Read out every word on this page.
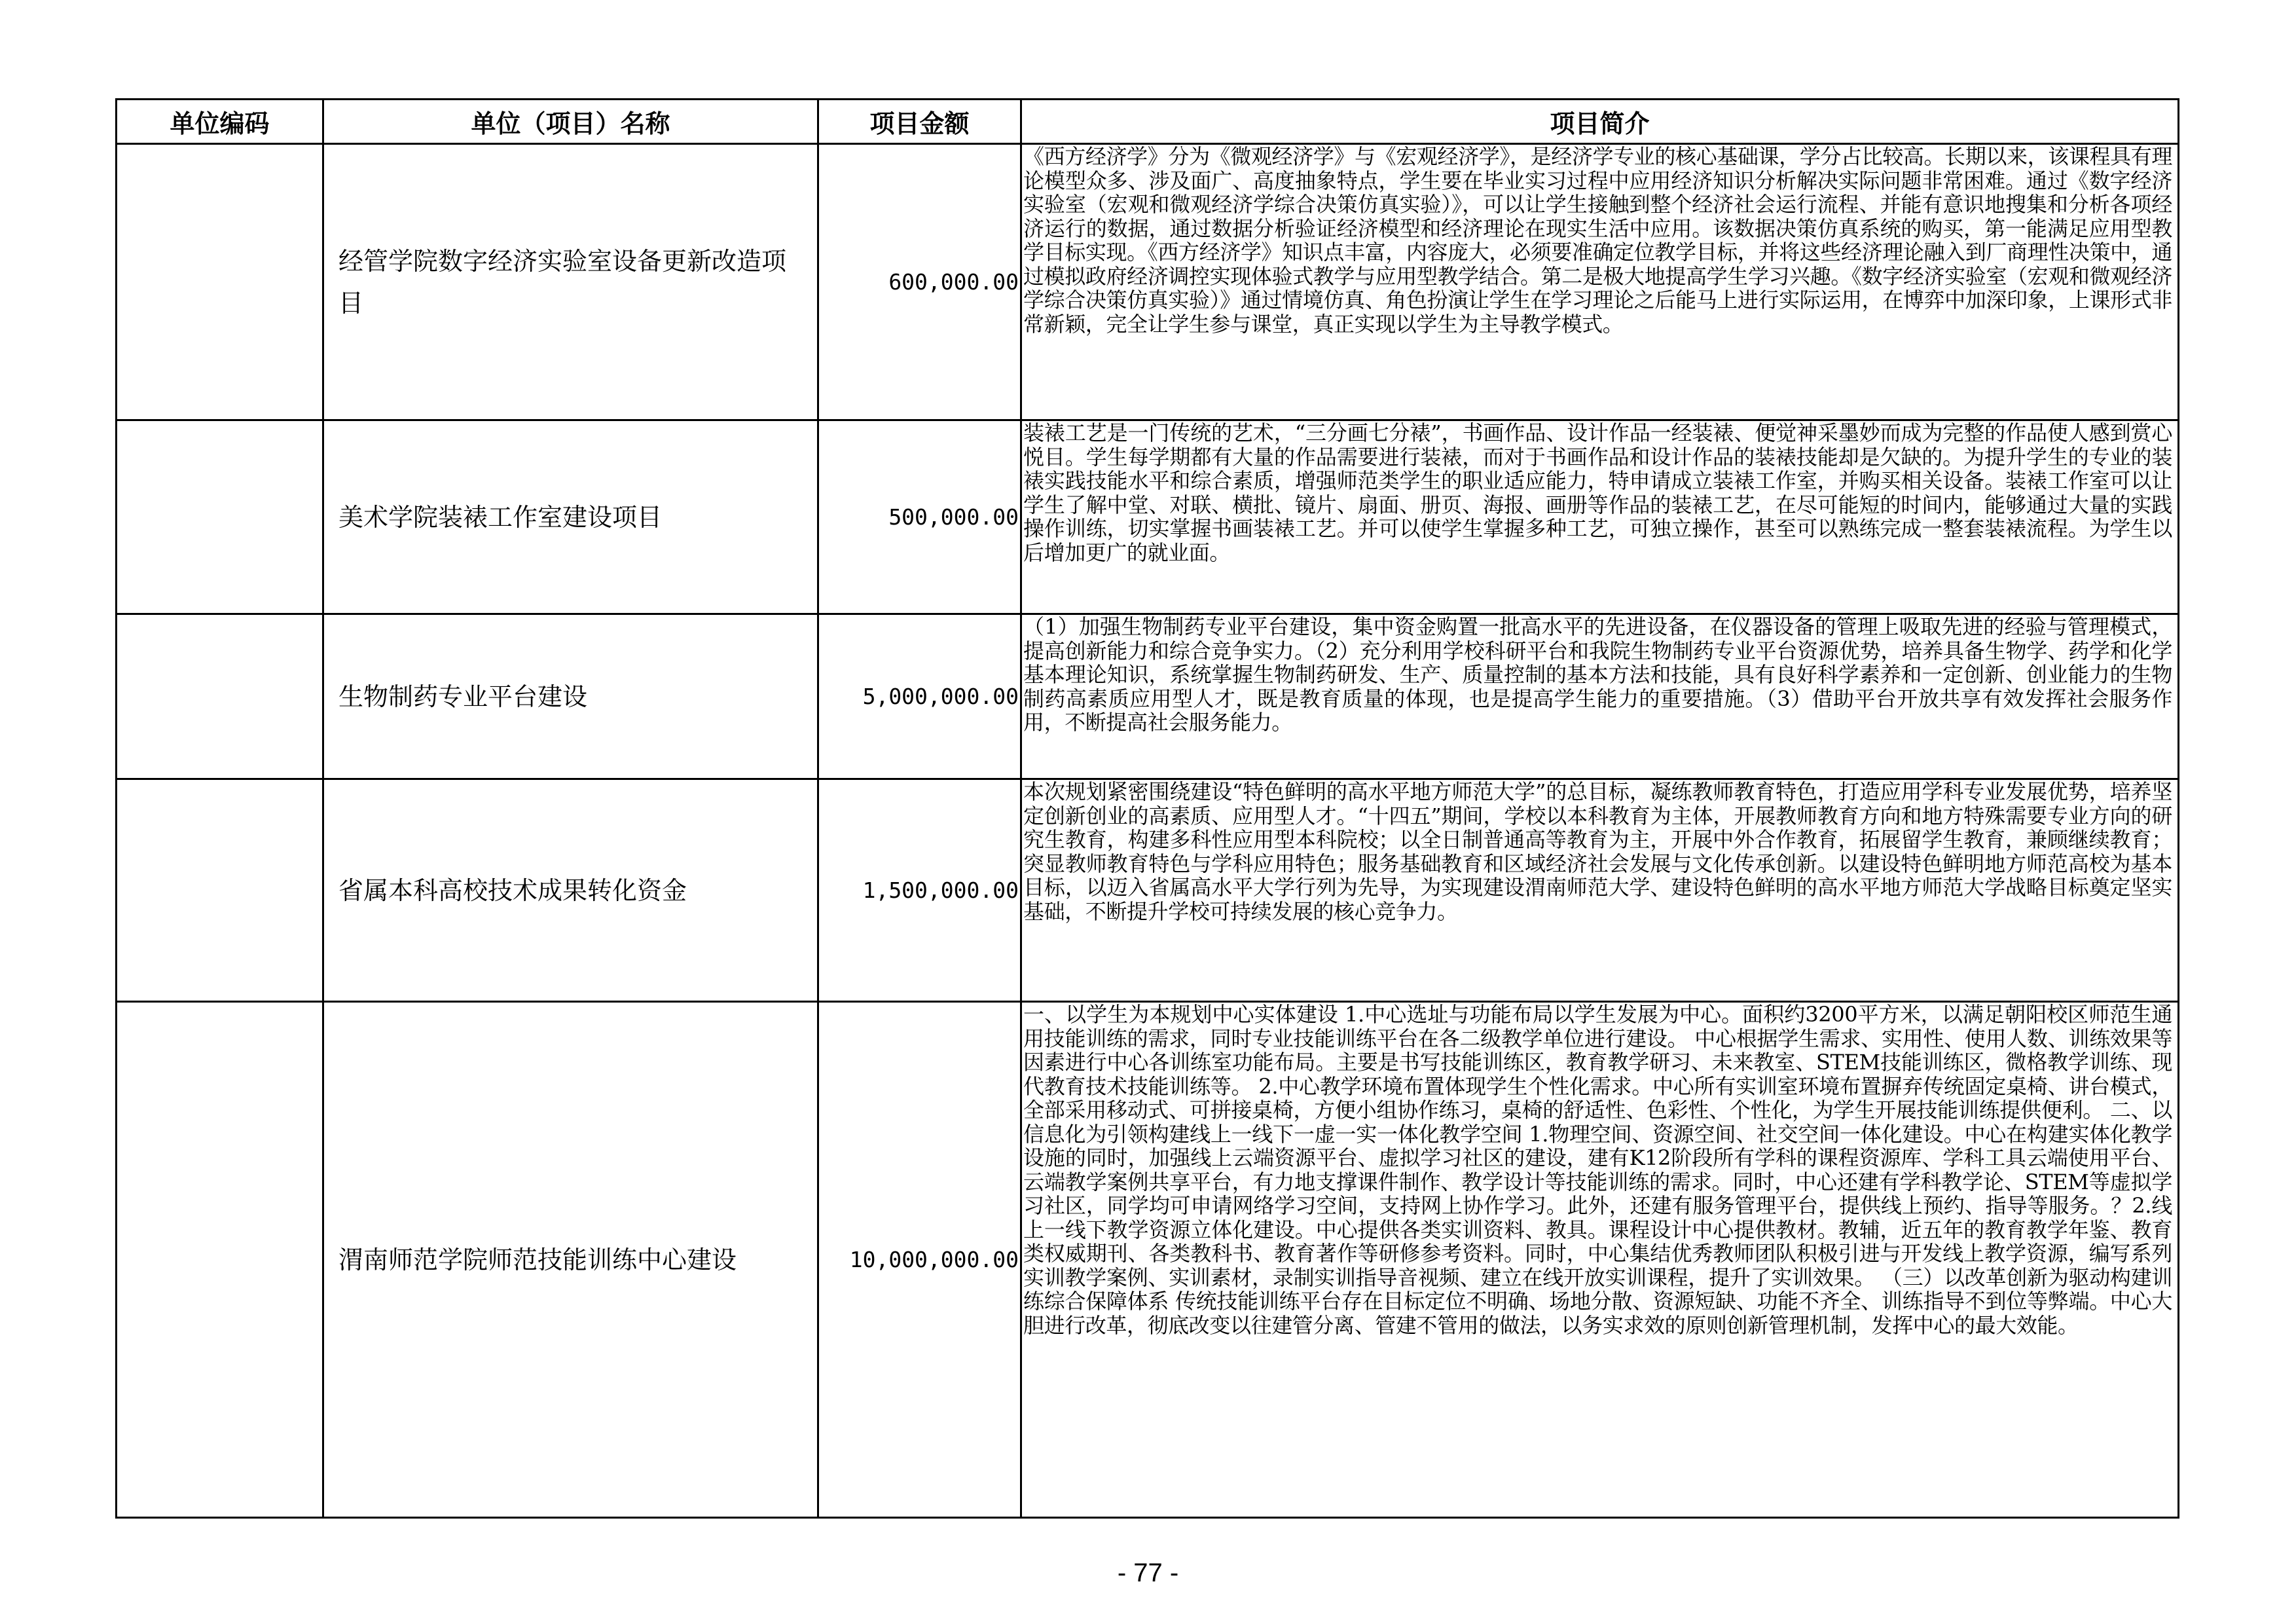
单位编码	单位（项目）名称	项目金额	项目简介
	经管学院数字经济实验室设备更新改造项目	600,000.00	《西方经济学》分为《微观经济学》与《宏观经济学》，是经济学专业的核心基础课，学分占比较高。长期以来，该课程具有理论模型众多、涉及面广、高度抽象特点，学生要在毕业实习过程中应用经济知识分析解决实际问题非常困难。通过《数字经济实验室（宏观和微观经济学综合决策仿真实验）》，可以让学生接触到整个经济社会运行流程、并能有意识地搜集和分析各项经济运行的数据，通过数据分析验证经济模型和经济理论在现实生活中应用。该数据决策仿真系统的购买，第一能满足应用型教学目标实现。《西方经济学》知识点丰富，内容庞大，必须要准确定位教学目标，并将这些经济理论融入到厂商理性决策中，通过模拟政府经济调控实现体验式教学与应用型教学结合。第二是极大地提高学生学习兴趣。《数字经济实验室（宏观和微观经济学综合决策仿真实验）》通过情境仿真、角色扮演让学生在学习理论之后能马上进行实际运用，在博弈中加深印象，上课形式非常新颖，完全让学生参与课堂，真正实现以学生为主导教学模式。
	美术学院装裱工作室建设项目	500,000.00	装裱工艺是一门传统的艺术，“三分画七分裱”，书画作品、设计作品一经装裱、便觉神采墨妙而成为完整的作品使人感到赏心悦目。学生每学期都有大量的作品需要进行装裱，而对于书画作品和设计作品的装裱技能却是欠缺的。为提升学生的专业的装裱实践技能水平和综合素质，增强师范类学生的职业适应能力，特申请成立装裱工作室，并购买相关设备。装裱工作室可以让学生了解中堂、对联、横批、镜片、扇面、册页、海报、画册等作品的装裱工艺，在尽可能短的时间内，能够通过大量的实践操作训练，切实掌握书画装裱工艺。并可以使学生掌握多种工艺，可独立操作，甚至可以熟练完成一整套装裱流程。为学生以后增加更广的就业面。
	生物制药专业平台建设	5,000,000.00	（1）加强生物制药专业平台建设，集中资金购置一批高水平的先进设备，在仪器设备的管理上吸取先进的经验与管理模式，提高创新能力和综合竞争实力。（2）充分利用学校科研平台和我院生物制药专业平台资源优势，培养具备生物学、药学和化学基本理论知识，系统掌握生物制药研发、生产、质量控制的基本方法和技能，具有良好科学素养和一定创新、创业能力的生物制药高素质应用型人才，既是教育质量的体现，也是提高学生能力的重要措施。（3）借助平台开放共享有效发挥社会服务作用，不断提高社会服务能力。
	省属本科高校技术成果转化资金	1,500,000.00	本次规划紧密围绕建设“特色鲜明的高水平地方师范大学”的总目标，凝练教师教育特色，打造应用学科专业发展优势，培养坚定创新创业的高素质、应用型人才。“十四五”期间，学校以本科教育为主体，开展教师教育方向和地方特殊需要专业方向的研究生教育，构建多科性应用型本科院校；以全日制普通高等教育为主，开展中外合作教育，拓展留学生教育，兼顾继续教育；突显教师教育特色与学科应用特色；服务基础教育和区域经济社会发展与文化传承创新。以建设特色鲜明地方师范高校为基本目标，以迈入省属高水平大学行列为先导，为实现建设渭南师范大学、建设特色鲜明的高水平地方师范大学战略目标奠定坚实基础，不断提升学校可持续发展的核心竞争力。
	渭南师范学院师范技能训练中心建设	10,000,000.00	一、以学生为本规划中心实体建设 1.中心选址与功能布局以学生发展为中心。面积约3200平方米，以满足朝阳校区师范生通用技能训练的需求，同时专业技能训练平台在各二级教学单位进行建设。 中心根据学生需求、实用性、使用人数、训练效果等因素进行中心各训练室功能布局。主要是书写技能训练区，教育教学研习、未来教室、STEM技能训练区，微格教学训练、现代教育技术技能训练等。 2.中心教学环境布置体现学生个性化需求。中心所有实训室环境布置摒弃传统固定桌椅、讲台模式，全部采用移动式、可拼接桌椅，方便小组协作练习，桌椅的舒适性、色彩性、个性化，为学生开展技能训练提供便利。 二、以信息化为引领构建线上一线下一虚一实一体化教学空间 1.物理空间、资源空间、社交空间一体化建设。中心在构建实体化教学设施的同时，加强线上云端资源平台、虚拟学习社区的建设，建有K12阶段所有学科的课程资源库、学科工具云端使用平台、云端教学案例共享平台，有力地支撑课件制作、教学设计等技能训练的需求。同时，中心还建有学科教学论、STEM等虚拟学习社区，同学均可申请网络学习空间，支持网上协作学习。此外，还建有服务管理平台，提供线上预约、指导等服务。？2.线上一线下教学资源立体化建设。中心提供各类实训资料、教具。课程设计中心提供教材。教辅，近五年的教育教学年鉴、教育类权威期刊、各类教科书、教育著作等研修参考资料。同时，中心集结优秀教师团队积极引进与开发线上教学资源，编写系列实训教学案例、实训素材，录制实训指导音视频、建立在线开放实训课程，提升了实训效果。 （三）以改革创新为驱动构建训练综合保障体系 传统技能训练平台存在目标定位不明确、场地分散、资源短缺、功能不齐全、训练指导不到位等弊端。中心大胆进行改革，彻底改变以往建管分离、管建不管用的做法，以务实求效的原则创新管理机制，发挥中心的最大效能。
- 77 -
